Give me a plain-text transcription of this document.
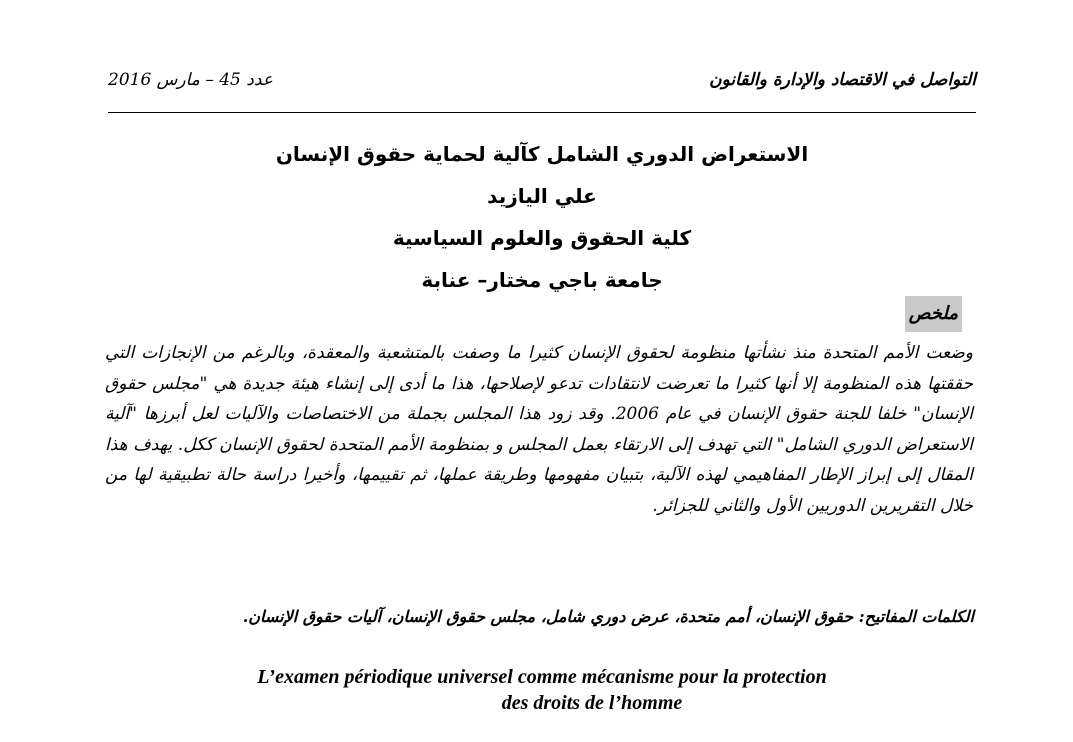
التواصل في الاقتصاد والإدارة والقانون
عدد 45 – مارس 2016
الاستعراض الدوري الشامل كآلية لحماية حقوق الإنسان
علي اليازيد
كلية الحقوق والعلوم السياسية
جامعة باجي مختار– عنابة
ملخص
وضعت الأمم المتحدة منذ نشأتها منظومة لحقوق الإنسان كثيرا ما وصفت بالمتشعبة والمعقدة، وبالرغم من الإنجازات التي حققتها هذه المنظومة إلا أنها كثيرا ما تعرضت لانتقادات تدعو لإصلاحها، هذا ما أدى إلى إنشاء هيئة جديدة هي "مجلس حقوق الإنسان" خلفا للجنة حقوق الإنسان في عام 2006. وقد زود هذا المجلس بجملة من الاختصاصات والآليات لعل أبرزها "آلية الاستعراض الدوري الشامل" التي تهدف إلى الارتقاء بعمل المجلس و بمنظومة الأمم المتحدة لحقوق الإنسان ككل. يهدف هذا المقال إلى إبراز الإطار المفاهيمي لهذه الآلية، بتبيان مفهومها وطريقة عملها، ثم تقييمها، وأخيرا دراسة حالة تطبيقية لها من خلال التقريرين الدوريين الأول والثاني للجزائر.
الكلمات المفاتيح: حقوق الإنسان، أمم متحدة، عرض دوري شامل، مجلس حقوق الإنسان، آليات حقوق الإنسان.
L’examen périodique universel comme mécanisme pour la protection
des droits de l’homme
